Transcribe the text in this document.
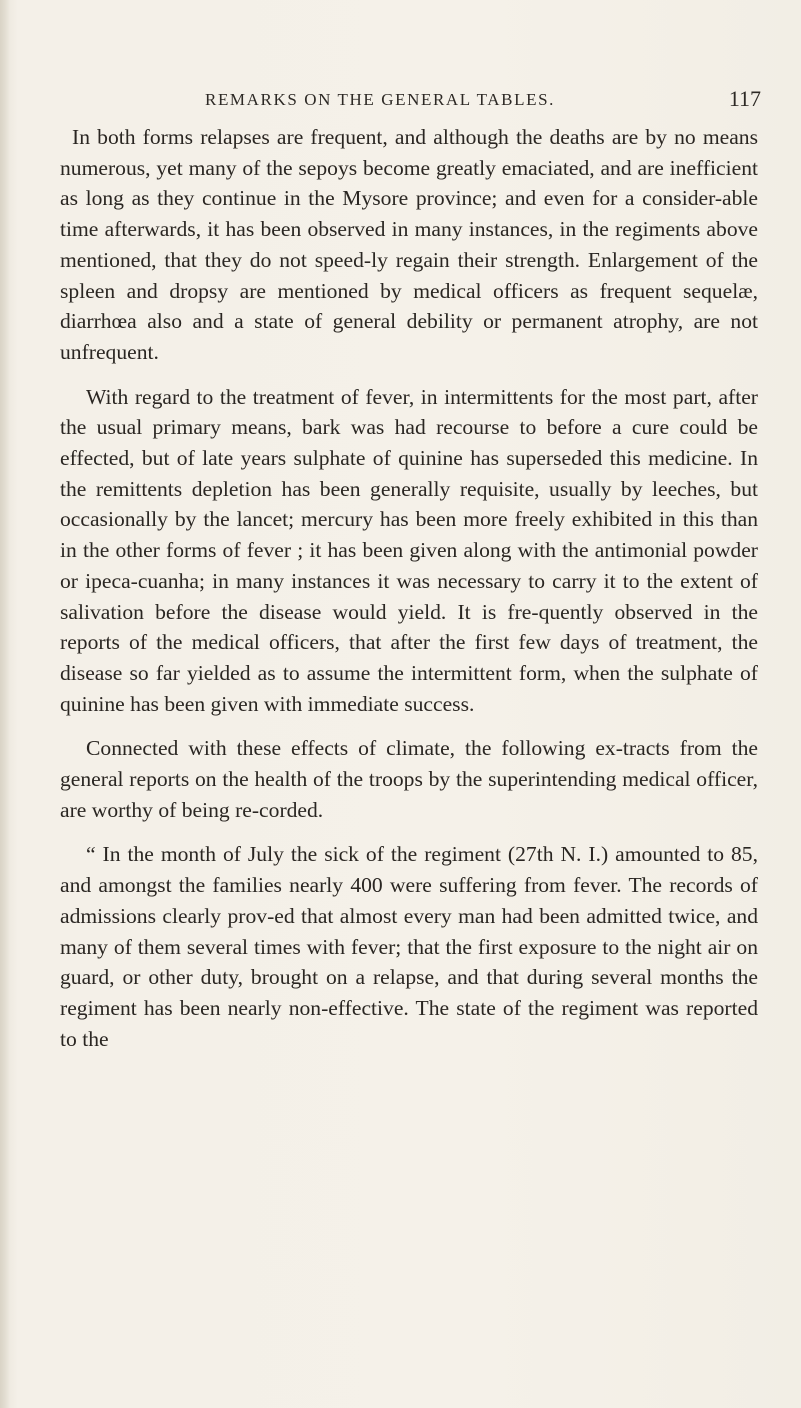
REMARKS ON THE GENERAL TABLES.	117

In both forms relapses are frequent, and although the deaths are by no means numerous, yet many of the sepoys become greatly emaciated, and are inefficient as long as they continue in the Mysore province; and even for a consider-able time afterwards, it has been observed in many instances, in the regiments above mentioned, that they do not speed-ly regain their strength. Enlargement of the spleen and dropsy are mentioned by medical officers as frequent sequelæ, diarrhœa also and a state of general debility or permanent atrophy, are not unfrequent.

With regard to the treatment of fever, in intermittents for the most part, after the usual primary means, bark was had recourse to before a cure could be effected, but of late years sulphate of quinine has superseded this medicine. In the remittents depletion has been generally requisite, usually by leeches, but occasionally by the lancet; mercury has been more freely exhibited in this than in the other forms of fever ; it has been given along with the antimonial powder or ipeca-cuanha; in many instances it was necessary to carry it to the extent of salivation before the disease would yield. It is fre-quently observed in the reports of the medical officers, that after the first few days of treatment, the disease so far yielded as to assume the intermittent form, when the sulphate of quinine has been given with immediate success.

Connected with these effects of climate, the following ex-tracts from the general reports on the health of the troops by the superintending medical officer, are worthy of being re-corded.

“ In the month of July the sick of the regiment (27th N. I.) amounted to 85, and amongst the families nearly 400 were suffering from fever. The records of admissions clearly prov-ed that almost every man had been admitted twice, and many of them several times with fever; that the first exposure to the night air on guard, or other duty, brought on a relapse, and that during several months the regiment has been nearly non-effective. The state of the regiment was reported to the
